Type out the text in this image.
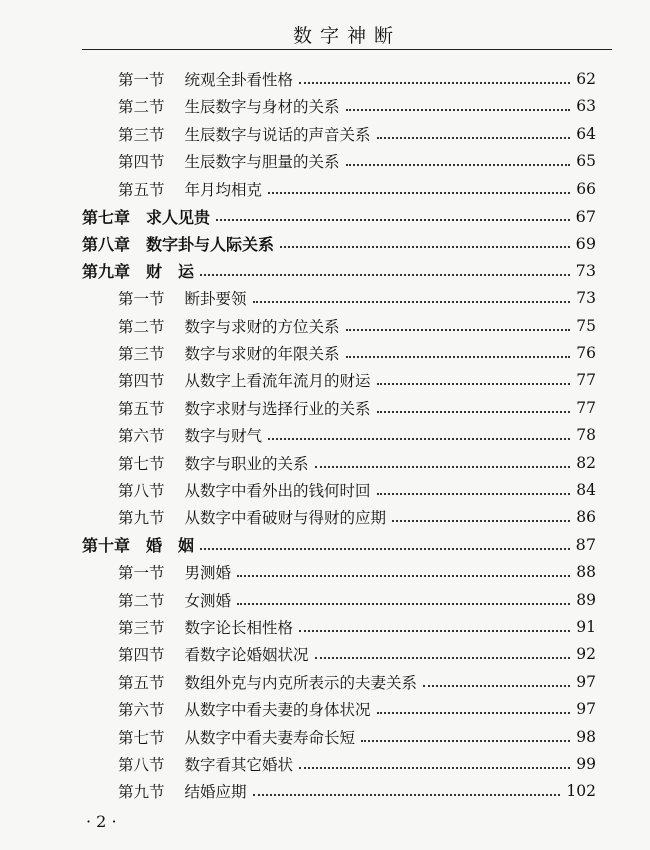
数字神断
第一节 统观全卦看性格	62
第二节 生辰数字与身材的关系	63
第三节 生辰数字与说话的声音关系	64
第四节 生辰数字与胆量的关系	65
第五节 年月均相克	66
第七章 求人见贵	67
第八章 数字卦与人际关系	69
第九章 财　运	73
第一节 断卦要领	73
第二节 数字与求财的方位关系	75
第三节 数字与求财的年限关系	76
第四节 从数字上看流年流月的财运	77
第五节 数字求财与选择行业的关系	77
第六节 数字与财气	78
第七节 数字与职业的关系	82
第八节 从数字中看外出的钱何时回	84
第九节 从数字中看破财与得财的应期	86
第十章 婚　姻	87
第一节 男测婚	88
第二节 女测婚	89
第三节 数字论长相性格	91
第四节 看数字论婚姻状况	92
第五节 数组外克与内克所表示的夫妻关系	97
第六节 从数字中看夫妻的身体状况	97
第七节 从数字中看夫妻寿命长短	98
第八节 数字看其它婚状	99
第九节 结婚应期	102
· 2 ·
